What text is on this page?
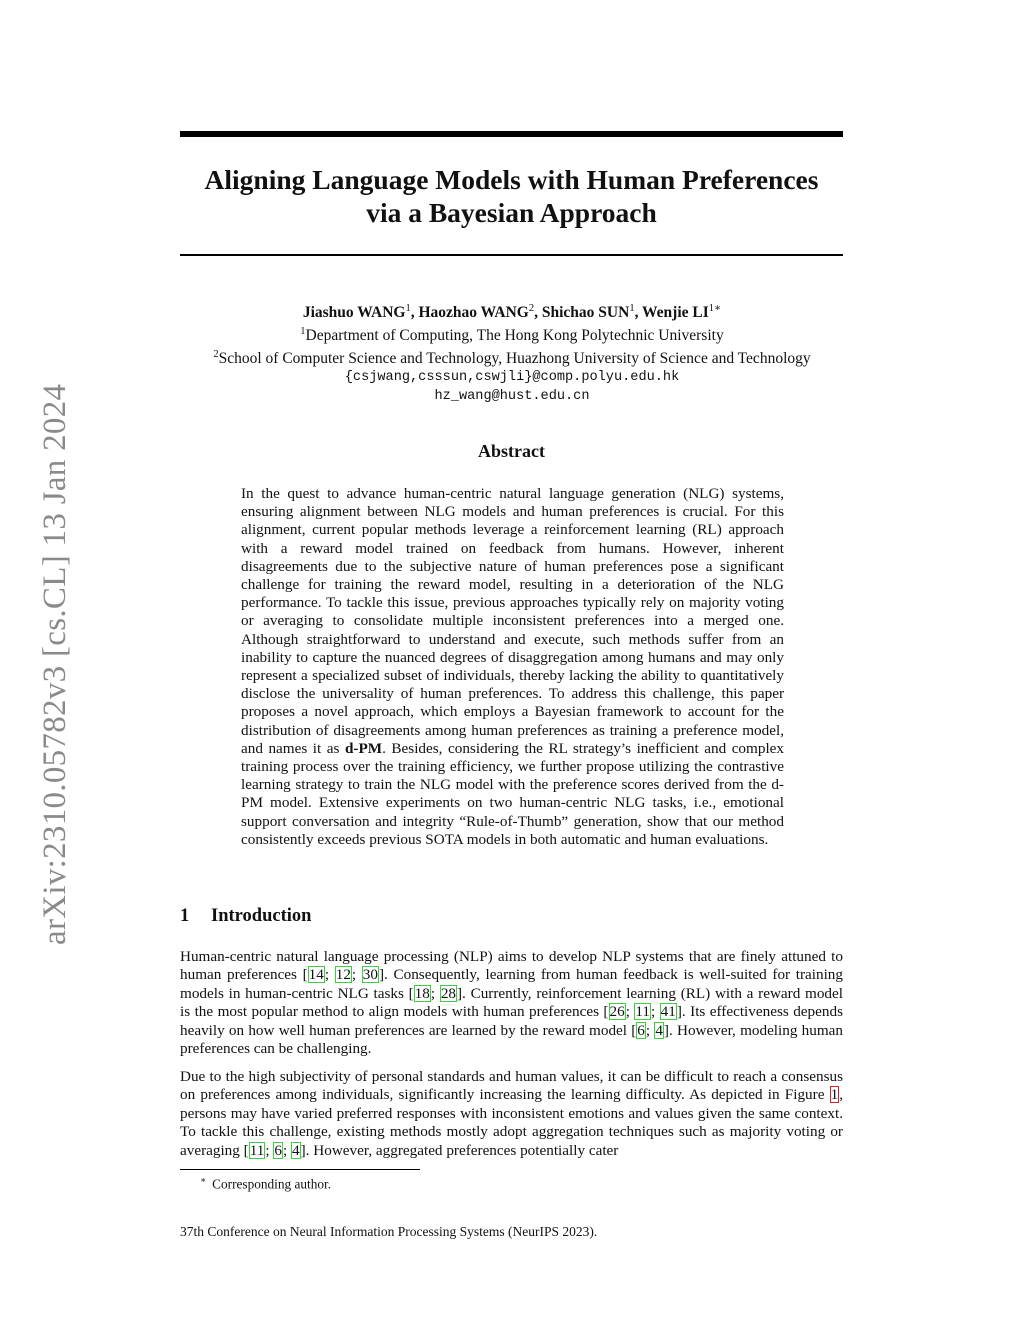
arXiv:2310.05782v3 [cs.CL] 13 Jan 2024
Aligning Language Models with Human Preferences
via a Bayesian Approach
Jiashuo WANG$^1$, Haozhao WANG$^2$, Shichao SUN$^1$, Wenjie $LI^{1∗}$
$^1$Department of Computing, The Hong Kong Polytechnic University
$^2$School of Computer Science and Technology, Huazhong University of Science and Technology
{csjwang,csssun,cswjli}@comp.polyu.edu.hk
hz_wang@hust.edu.cn
Abstract
In the quest to advance human-centric natural language generation (NLG) systems, ensuring alignment between NLG models and human preferences is crucial. For this alignment, current popular methods leverage a reinforcement learning (RL) approach with a reward model trained on feedback from humans. However, inherent disagreements due to the subjective nature of human preferences pose a significant challenge for training the reward model, resulting in a deterioration of the NLG performance. To tackle this issue, previous approaches typically rely on majority voting or averaging to consolidate multiple inconsistent preferences into a merged one. Although straightforward to understand and execute, such methods suffer from an inability to capture the nuanced degrees of disaggregation among humans and may only represent a specialized subset of individuals, thereby lacking the ability to quantitatively disclose the universality of human preferences. To address this challenge, this paper proposes a novel approach, which employs a Bayesian framework to account for the distribution of disagreements among human preferences as training a preference model, and names it as d-PM. Besides, considering the RL strategy’s inefficient and complex training process over the training efficiency, we further propose utilizing the contrastive learning strategy to train the NLG model with the preference scores derived from the d-PM model. Extensive experiments on two human-centric NLG tasks, i.e., emotional support conversation and integrity “Rule-of-Thumb” generation, show that our method consistently exceeds previous SOTA models in both automatic and human evaluations.
1 Introduction
Human-centric natural language processing (NLP) aims to develop NLP systems that are finely attuned to human preferences [14; 12; 30]. Consequently, learning from human feedback is well-suited for training models in human-centric NLG tasks [18; 28]. Currently, reinforcement learning (RL) with a reward model is the most popular method to align models with human preferences [26; 11; 41]. Its effectiveness depends heavily on how well human preferences are learned by the reward model [6; 4]. However, modeling human preferences can be challenging.
Due to the high subjectivity of personal standards and human values, it can be difficult to reach a consensus on preferences among individuals, significantly increasing the learning difficulty. As depicted in Figure 1, persons may have varied preferred responses with inconsistent emotions and values given the same context. To tackle this challenge, existing methods mostly adopt aggregation techniques such as majority voting or averaging [11; 6; 4]. However, aggregated preferences potentially cater
∗ Corresponding author.
37th Conference on Neural Information Processing Systems (NeurIPS 2023).
